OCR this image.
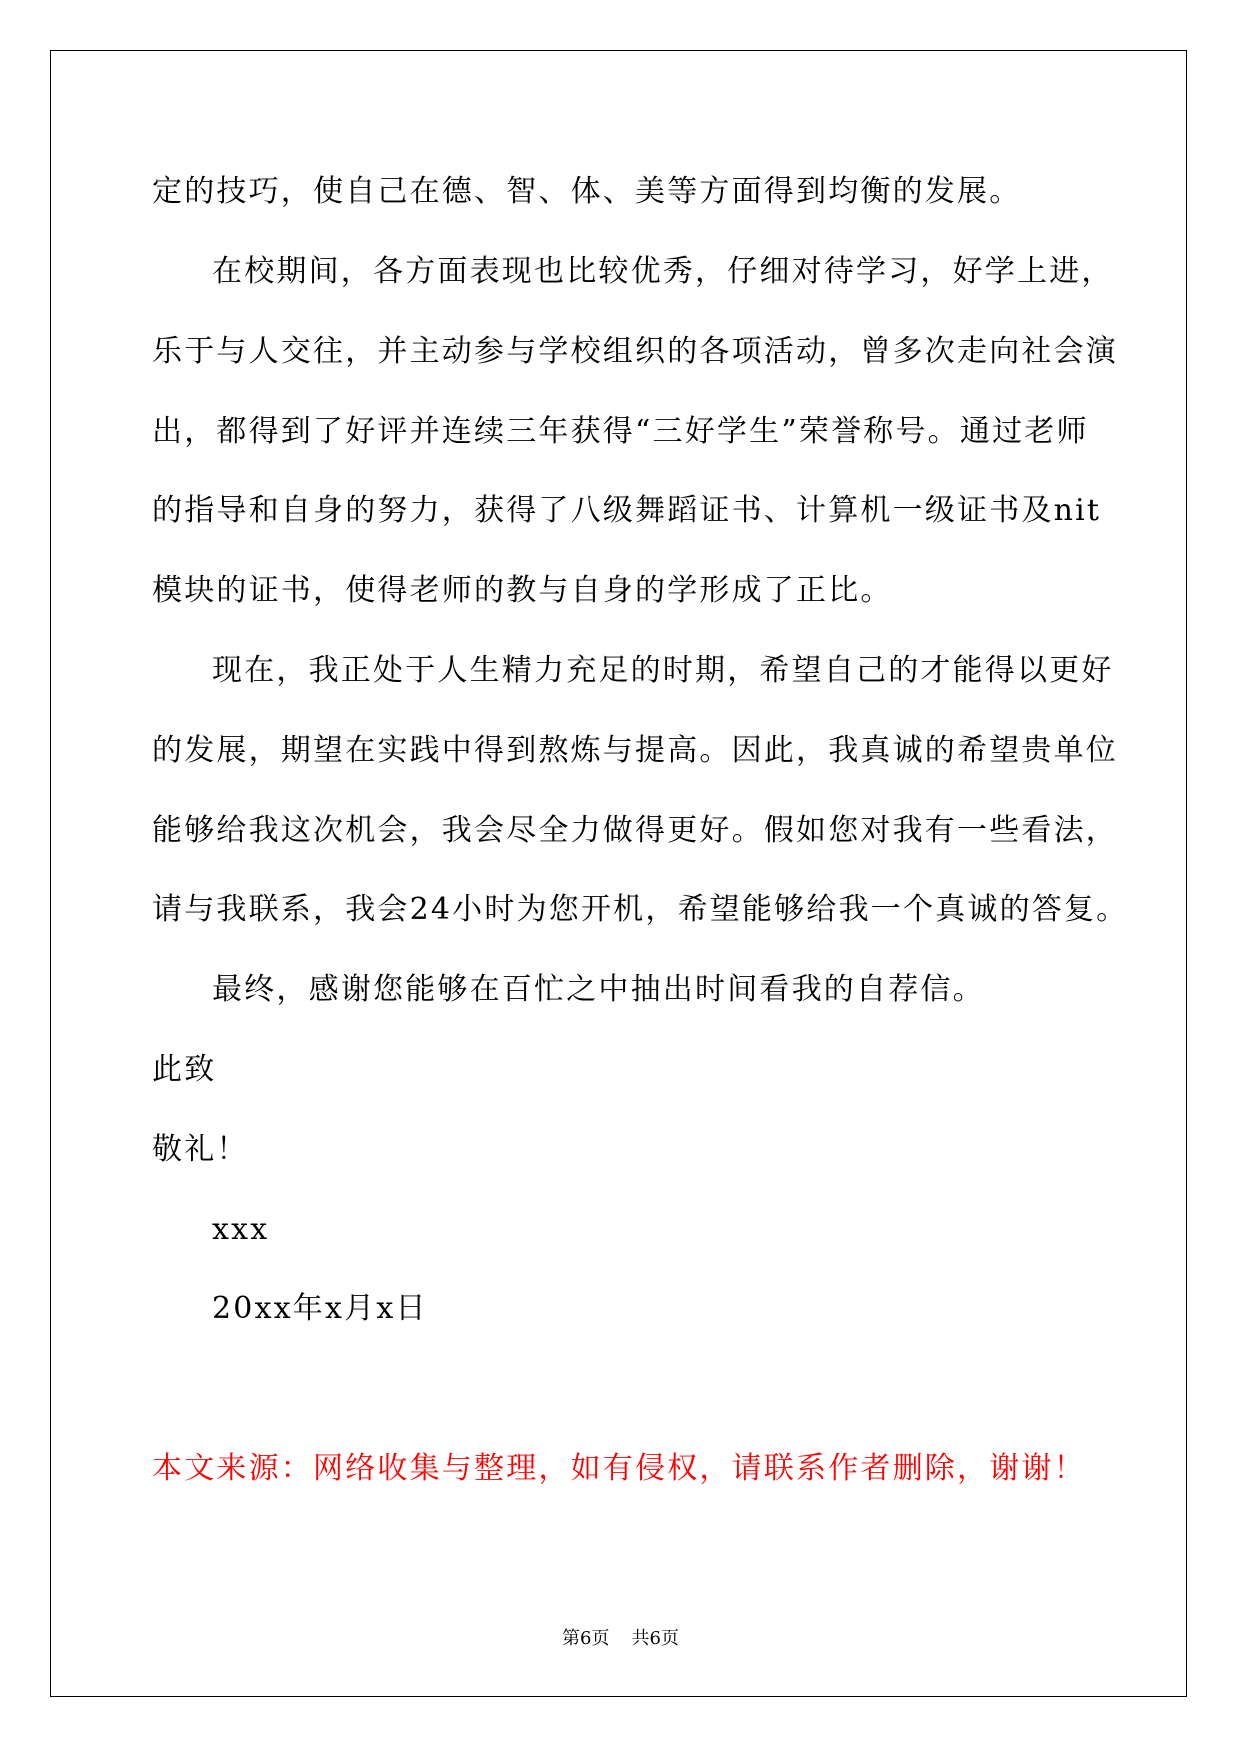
定的技巧，使自己在德、智、体、美等方面得到均衡的发展。

在校期间，各方面表现也比较优秀，仔细对待学习，好学上进，

乐于与人交往，并主动参与学校组织的各项活动，曾多次走向社会演

出，都得到了好评并连续三年获得“三好学生”荣誉称号。通过老师

的指导和自身的努力，获得了八级舞蹈证书、计算机一级证书及nit

模块的证书，使得老师的教与自身的学形成了正比。

现在，我正处于人生精力充足的时期，希望自己的才能得以更好

的发展，期望在实践中得到熬炼与提高。因此，我真诚的希望贵单位

能够给我这次机会，我会尽全力做得更好。假如您对我有一些看法，

请与我联系，我会24小时为您开机，希望能够给我一个真诚的答复。

最终，感谢您能够在百忙之中抽出时间看我的自荐信。

此致

敬礼！

xxx

20xx年x月x日

本文来源：网络收集与整理，如有侵权，请联系作者删除，谢谢！

第6页 共6页
